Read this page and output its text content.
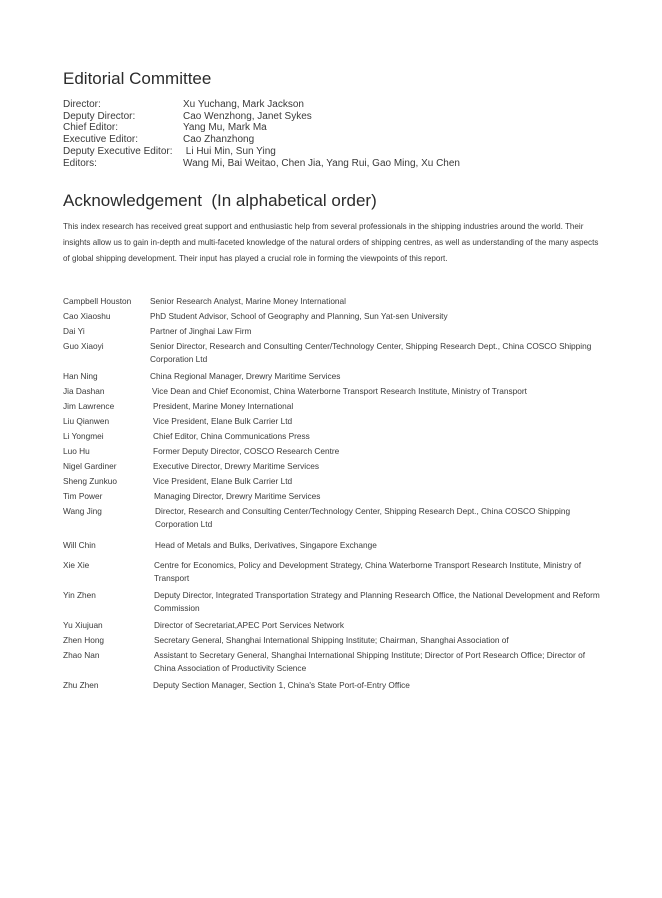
Editorial Committee
Director:	Xu Yuchang, Mark Jackson
Deputy Director:	Cao Wenzhong, Janet Sykes
Chief Editor:	Yang Mu, Mark Ma
Executive Editor:	Cao Zhanzhong
Deputy Executive Editor:	Li Hui Min, Sun Ying
Editors:	Wang Mi, Bai Weitao, Chen Jia, Yang Rui, Gao Ming, Xu Chen
Acknowledgement  (In alphabetical order)

This index research has received great support and enthusiastic help from several professionals in the shipping industries around the world. Their insights allow us to gain in-depth and multi-faceted knowledge of the natural orders of shipping centres, as well as understanding of the many aspects of global shipping development. Their input has played a crucial role in forming the viewpoints of this report.

Campbell Houston	Senior Research Analyst, Marine Money International
Cao Xiaoshu	PhD Student Advisor, School of Geography and Planning, Sun Yat-sen University
Dai Yi	Partner of Jinghai Law Firm
Guo Xiaoyi	Senior Director, Research and Consulting Center/Technology Center, Shipping Research Dept., China COSCO Shipping Corporation Ltd
Han Ning	China Regional Manager, Drewry Maritime Services
Jia Dashan	Vice Dean and Chief Economist, China Waterborne Transport Research Institute, Ministry of Transport
Jim Lawrence	President, Marine Money International
Liu Qianwen	Vice President, Elane Bulk Carrier Ltd
Li Yongmei	Chief Editor, China Communications Press
Luo Hu	Former Deputy Director, COSCO Research Centre
Nigel Gardiner	Executive Director, Drewry Maritime Services
Sheng Zunkuo	Vice President, Elane Bulk Carrier Ltd
Tim Power	Managing Director, Drewry Maritime Services
Wang Jing	Director, Research and Consulting Center/Technology Center, Shipping Research Dept., China COSCO Shipping Corporation Ltd
Will Chin	Head of Metals and Bulks, Derivatives, Singapore Exchange
Xie Xie	Centre for Economics, Policy and Development Strategy, China Waterborne Transport Research Institute, Ministry of Transport
Yin Zhen	Deputy Director, Integrated Transportation Strategy and Planning Research Office, the National Development and Reform Commission
Yu Xiujuan	Director of Secretariat,APEC Port Services Network
Zhen Hong	Secretary General, Shanghai International Shipping Institute; Chairman, Shanghai Association of
Zhao Nan	Assistant to Secretary General, Shanghai International Shipping Institute; Director of Port Research Office; Director of China Association of Productivity Science
Zhu Zhen	Deputy Section Manager, Section 1, China's State Port-of-Entry Office
